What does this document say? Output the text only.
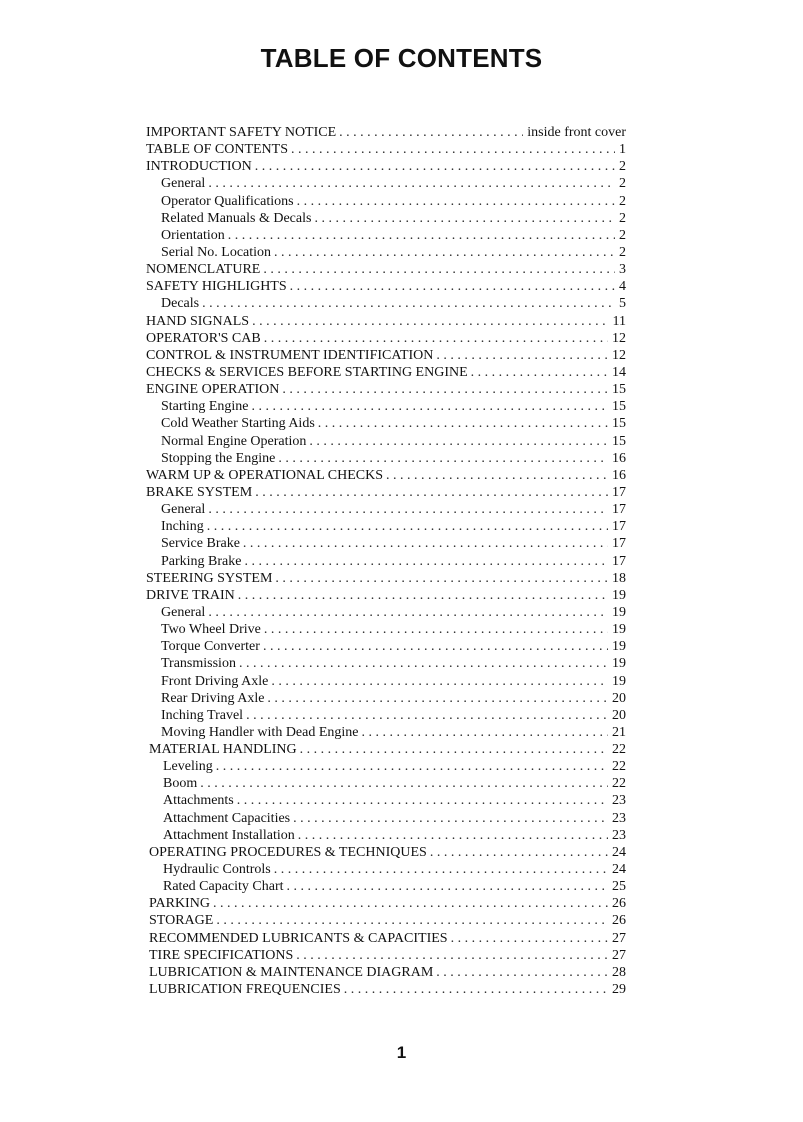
TABLE OF CONTENTS
IMPORTANT SAFETY NOTICE . . .	inside front cover
TABLE OF CONTENTS . . .	1
INTRODUCTION . . .	2
General . . .	2
Operator Qualifications . . .	2
Related Manuals & Decals . . .	2
Orientation . . .	2
Serial No. Location . . .	2
NOMENCLATURE . . .	3
SAFETY HIGHLIGHTS . . .	4
Decals . . .	5
HAND SIGNALS . . .	11
OPERATOR'S CAB . . .	12
CONTROL & INSTRUMENT IDENTIFICATION . . .	12
CHECKS & SERVICES BEFORE STARTING ENGINE . . .	14
ENGINE OPERATION . . .	15
Starting Engine . . .	15
Cold Weather Starting Aids . . .	15
Normal Engine Operation . . .	15
Stopping the Engine . . .	16
WARM UP & OPERATIONAL CHECKS . . .	16
BRAKE SYSTEM . . .	17
General . . .	17
Inching . . .	17
Service Brake . . .	17
Parking Brake . . .	17
STEERING SYSTEM . . .	18
DRIVE TRAIN . . .	19
General . . .	19
Two Wheel Drive . . .	19
Torque Converter . . .	19
Transmission . . .	19
Front Driving Axle . . .	19
Rear Driving Axle . . .	20
Inching Travel . . .	20
Moving Handler with Dead Engine . . .	21
MATERIAL HANDLING . . .	22
Leveling . . .	22
Boom . . .	22
Attachments . . .	23
Attachment Capacities . . .	23
Attachment Installation . . .	23
OPERATING PROCEDURES & TECHNIQUES . . .	24
Hydraulic Controls . . .	24
Rated Capacity Chart . . .	25
PARKING . . .	26
STORAGE . . .	26
RECOMMENDED LUBRICANTS & CAPACITIES . . .	27
TIRE SPECIFICATIONS . . .	27
LUBRICATION & MAINTENANCE DIAGRAM . . .	28
LUBRICATION FREQUENCIES . . .	29
1
